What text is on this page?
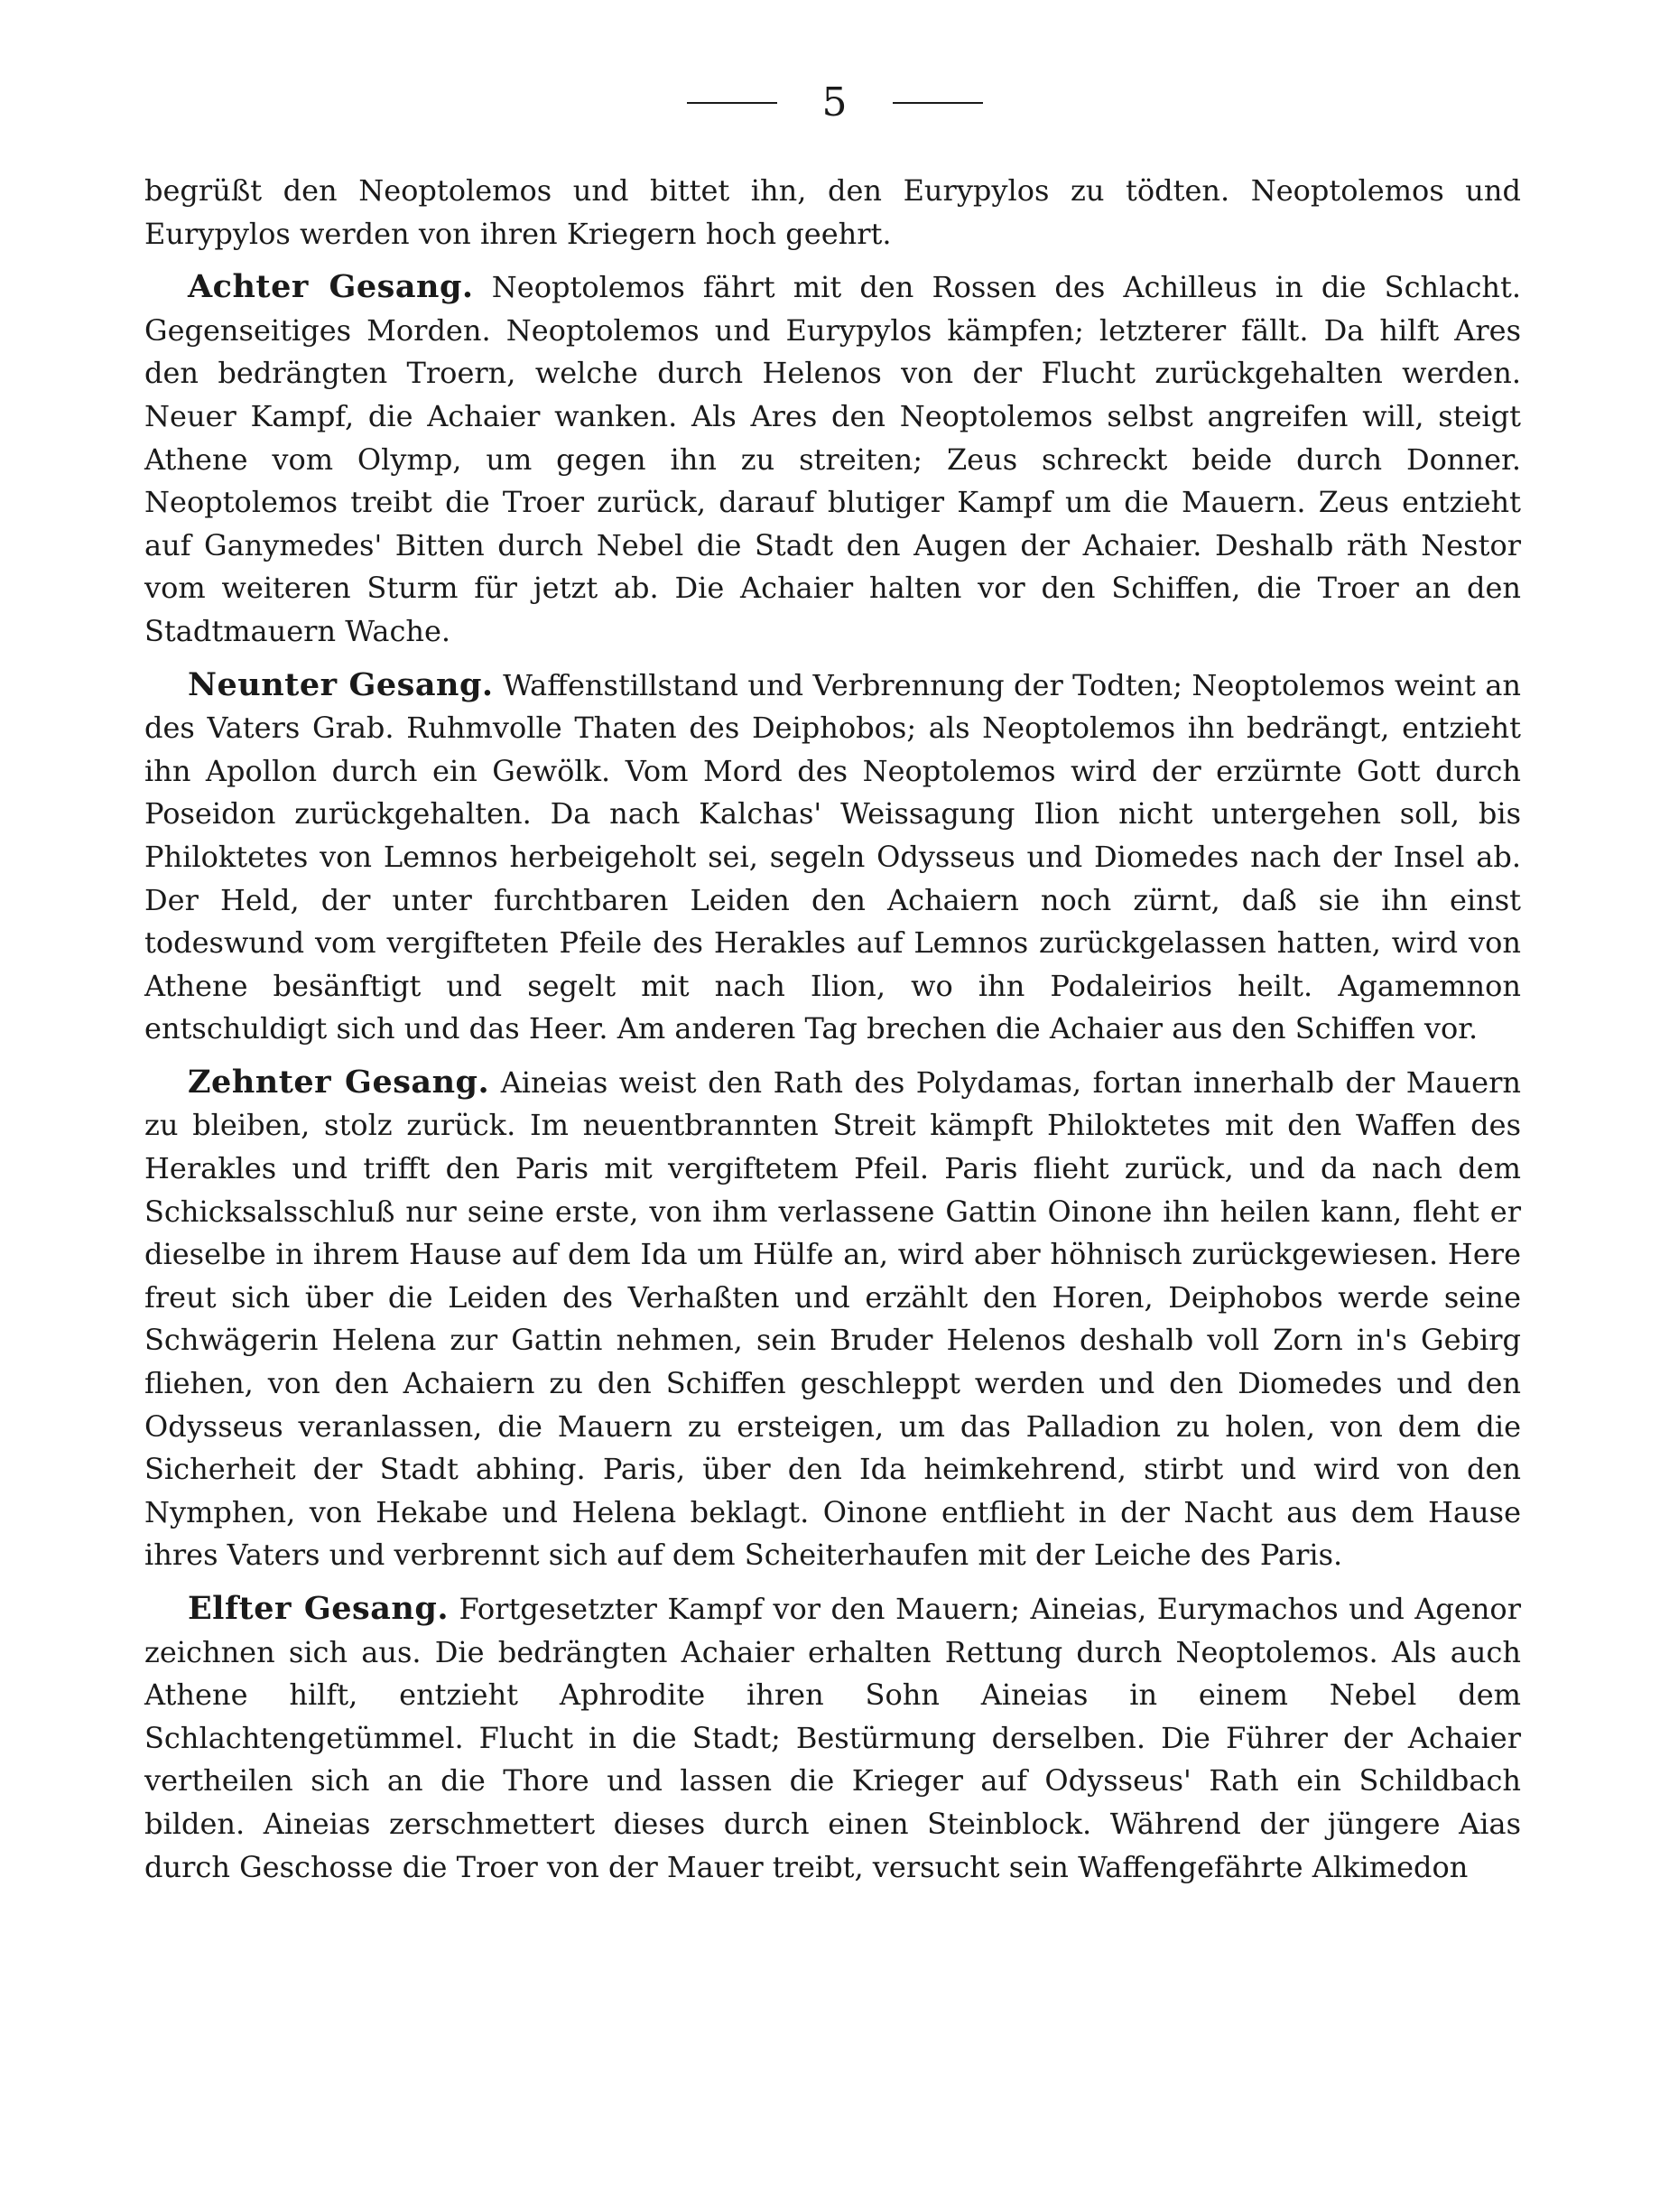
5

begrüßt den Neoptolemos und bittet ihn, den Eurypylos zu tödten. Neoptolemos und Eurypylos werden von ihren Kriegern hoch geehrt.

Achter Gesang. Neoptolemos fährt mit den Rossen des Achilleus in die Schlacht. Gegenseitiges Morden. Neoptolemos und Eurypylos kämpfen; letzterer fällt. Da hilft Ares den bedrängten Troern, welche durch Helenos von der Flucht zurückgehalten werden. Neuer Kampf, die Achaier wanken. Als Ares den Neoptolemos selbst angreifen will, steigt Athene vom Olymp, um gegen ihn zu streiten; Zeus schreckt beide durch Donner. Neoptolemos treibt die Troer zurück, darauf blutiger Kampf um die Mauern. Zeus entzieht auf Ganymedes' Bitten durch Nebel die Stadt den Augen der Achaier. Deshalb räth Nestor vom weiteren Sturm für jetzt ab. Die Achaier halten vor den Schiffen, die Troer an den Stadtmauern Wache.

Neunter Gesang. Waffenstillstand und Verbrennung der Todten; Neoptolemos weint an des Vaters Grab. Ruhmvolle Thaten des Deiphobos; als Neoptolemos ihn bedrängt, entzieht ihn Apollon durch ein Gewölk. Vom Mord des Neoptolemos wird der erzürnte Gott durch Poseidon zurückgehalten. Da nach Kalchas' Weissagung Ilion nicht untergehen soll, bis Philoktetes von Lemnos herbeigeholt sei, segeln Odysseus und Diomedes nach der Insel ab. Der Held, der unter furchtbaren Leiden den Achaiern noch zürnt, daß sie ihn einst todeswund vom vergifteten Pfeile des Herakles auf Lemnos zurückgelassen hatten, wird von Athene besänftigt und segelt mit nach Ilion, wo ihn Podaleirios heilt. Agamemnon entschuldigt sich und das Heer. Am anderen Tag brechen die Achaier aus den Schiffen vor.

Zehnter Gesang. Aineias weist den Rath des Polydamas, fortan innerhalb der Mauern zu bleiben, stolz zurück. Im neuentbrannten Streit kämpft Philoktetes mit den Waffen des Herakles und trifft den Paris mit vergiftetem Pfeil. Paris flieht zurück, und da nach dem Schicksalsschluß nur seine erste, von ihm verlassene Gattin Oinone ihn heilen kann, fleht er dieselbe in ihrem Hause auf dem Ida um Hülfe an, wird aber höhnisch zurückgewiesen. Here freut sich über die Leiden des Verhaßten und erzählt den Horen, Deiphobos werde seine Schwägerin Helena zur Gattin nehmen, sein Bruder Helenos deshalb voll Zorn in's Gebirg fliehen, von den Achaiern zu den Schiffen geschleppt werden und den Diomedes und den Odysseus veranlassen, die Mauern zu ersteigen, um das Palladion zu holen, von dem die Sicherheit der Stadt abhing. Paris, über den Ida heimkehrend, stirbt und wird von den Nymphen, von Hekabe und Helena beklagt. Oinone entflieht in der Nacht aus dem Hause ihres Vaters und verbrennt sich auf dem Scheiterhaufen mit der Leiche des Paris.

Elfter Gesang. Fortgesetzter Kampf vor den Mauern; Aineias, Eurymachos und Agenor zeichnen sich aus. Die bedrängten Achaier erhalten Rettung durch Neoptolemos. Als auch Athene hilft, entzieht Aphrodite ihren Sohn Aineias in einem Nebel dem Schlachtengetümmel. Flucht in die Stadt; Bestürmung derselben. Die Führer der Achaier vertheilen sich an die Thore und lassen die Krieger auf Odysseus' Rath ein Schildbach bilden. Aineias zerschmettert dieses durch einen Steinblock. Während der jüngere Aias durch Geschosse die Troer von der Mauer treibt, versucht sein Waffengefährte Alkimedon
